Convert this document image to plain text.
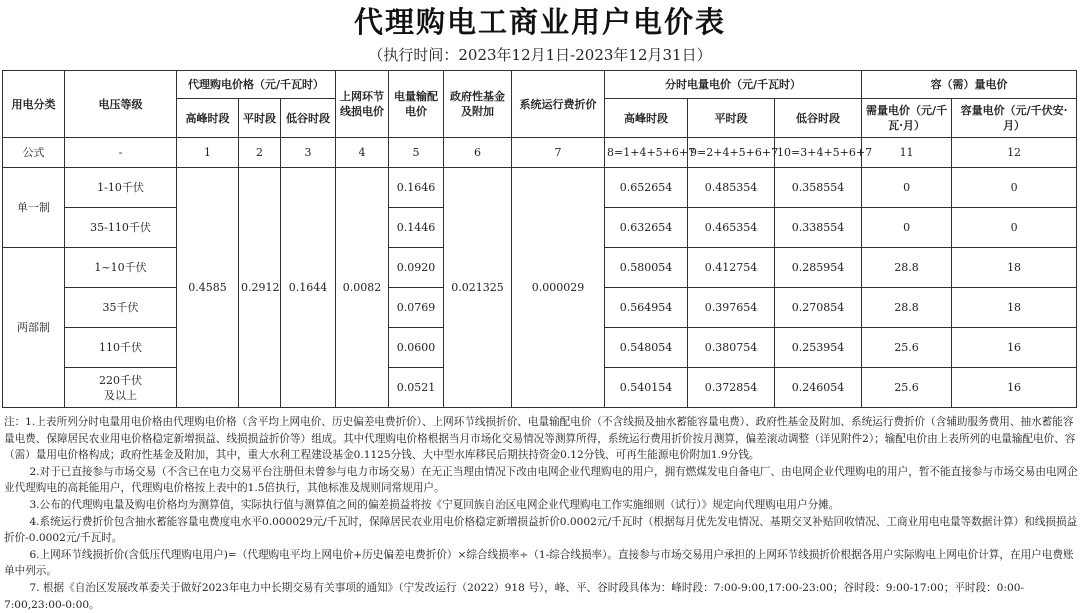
代理购电工商业用户电价表
（执行时间：2023年12月1日-2023年12月31日）
用电分类	电压等级	代理购电价格（元/千瓦时）			上网环节线损电价	电量输配电价	政府性基金及附加	系统运行费折价	分时电量电价（元/千瓦时）			容（需）量电价	
		高峰时段	平时段	低谷时段					高峰时段	平时段	低谷时段	需量电价（元/千瓦·月）	容量电价（元/千伏安·月）
公式	-	1	2	3	4	5	6	7	8=1+4+5+6+7	9=2+4+5+6+7	10=3+4+5+6+7	11	12
单一制	1-10千伏	0.4585	0.2912	0.1644	0.0082	0.1646	0.021325	0.000029	0.652654	0.485354	0.358554	0	0
	35-110千伏					0.1446			0.632654	0.465354	0.338554	0	0
两部制	1~10千伏					0.0920			0.580054	0.412754	0.285954	28.8	18
	35千伏					0.0769			0.564954	0.397654	0.270854	28.8	18
	110千伏					0.0600			0.548054	0.380754	0.253954	25.6	16
	220千伏及以上					0.0521			0.540154	0.372854	0.246054	25.6	16

注：1.上表所列分时电量用电价格由代理购电价格（含平均上网电价、历史偏差电费折价）、上网环节线损折价、电量输配电价（不含线损及抽水蓄能容量电费）、政府性基金及附加、系统运行费折价（含辅助服务费用、抽水蓄能容量电费、保障居民农业用电价格稳定新增损益、线损损益折价等）组成。其中代理购电价格根据当月市场化交易情况等测算所得，系统运行费用折价按月测算，偏差滚动调整（详见附件2）；输配电价由上表所列的电量输配电价、容（需）量用电价格构成；政府性基金及附加，其中，重大水利工程建设基金0.1125分钱、大中型水库移民后期扶持资金0.12分钱、可再生能源电价附加1.9分钱。

2.对于已直接参与市场交易（不含已在电力交易平台注册但未曾参与电力市场交易）在无正当理由情况下改由电网企业代理购电的用户，拥有燃煤发电自备电厂、由电网企业代理购电的用户，暂不能直接参与市场交易由电网企业代理购电的高耗能用户，代理购电价格按上表中的1.5倍执行，其他标准及规则同常规用户。

3.公布的代理购电量及购电价格均为测算值，实际执行值与测算值之间的偏差损益将按《宁夏回族自治区电网企业代理购电工作实施细则（试行）》规定向代理购电用户分摊。

4.系统运行费折价包含抽水蓄能容量电费度电水平0.000029元/千瓦时，保障居民农业用电价格稳定新增损益折价0.0002元/千瓦时（根据每月优先发电情况、基期交叉补贴回收情况、工商业用电电量等数据计算）和线损损益折价-0.0002元/千瓦时。

6.上网环节线损折价(含低压代理购电用户)=（代理购电平均上网电价+历史偏差电费折价）×综合线损率÷（1-综合线损率）。直接参与市场交易用户承担的上网环节线损折价根据各用户实际购电上网电价计算，在用户电费账单中列示。

7. 根据《自治区发展改革委关于做好2023年电力中长期交易有关事项的通知》（宁发改运行（2022）918 号），峰、平、谷时段具体为：峰时段：7:00-9:00,17:00-23:00；谷时段：9:00-17:00；平时段：0:00-7:00,23:00-0:00。
